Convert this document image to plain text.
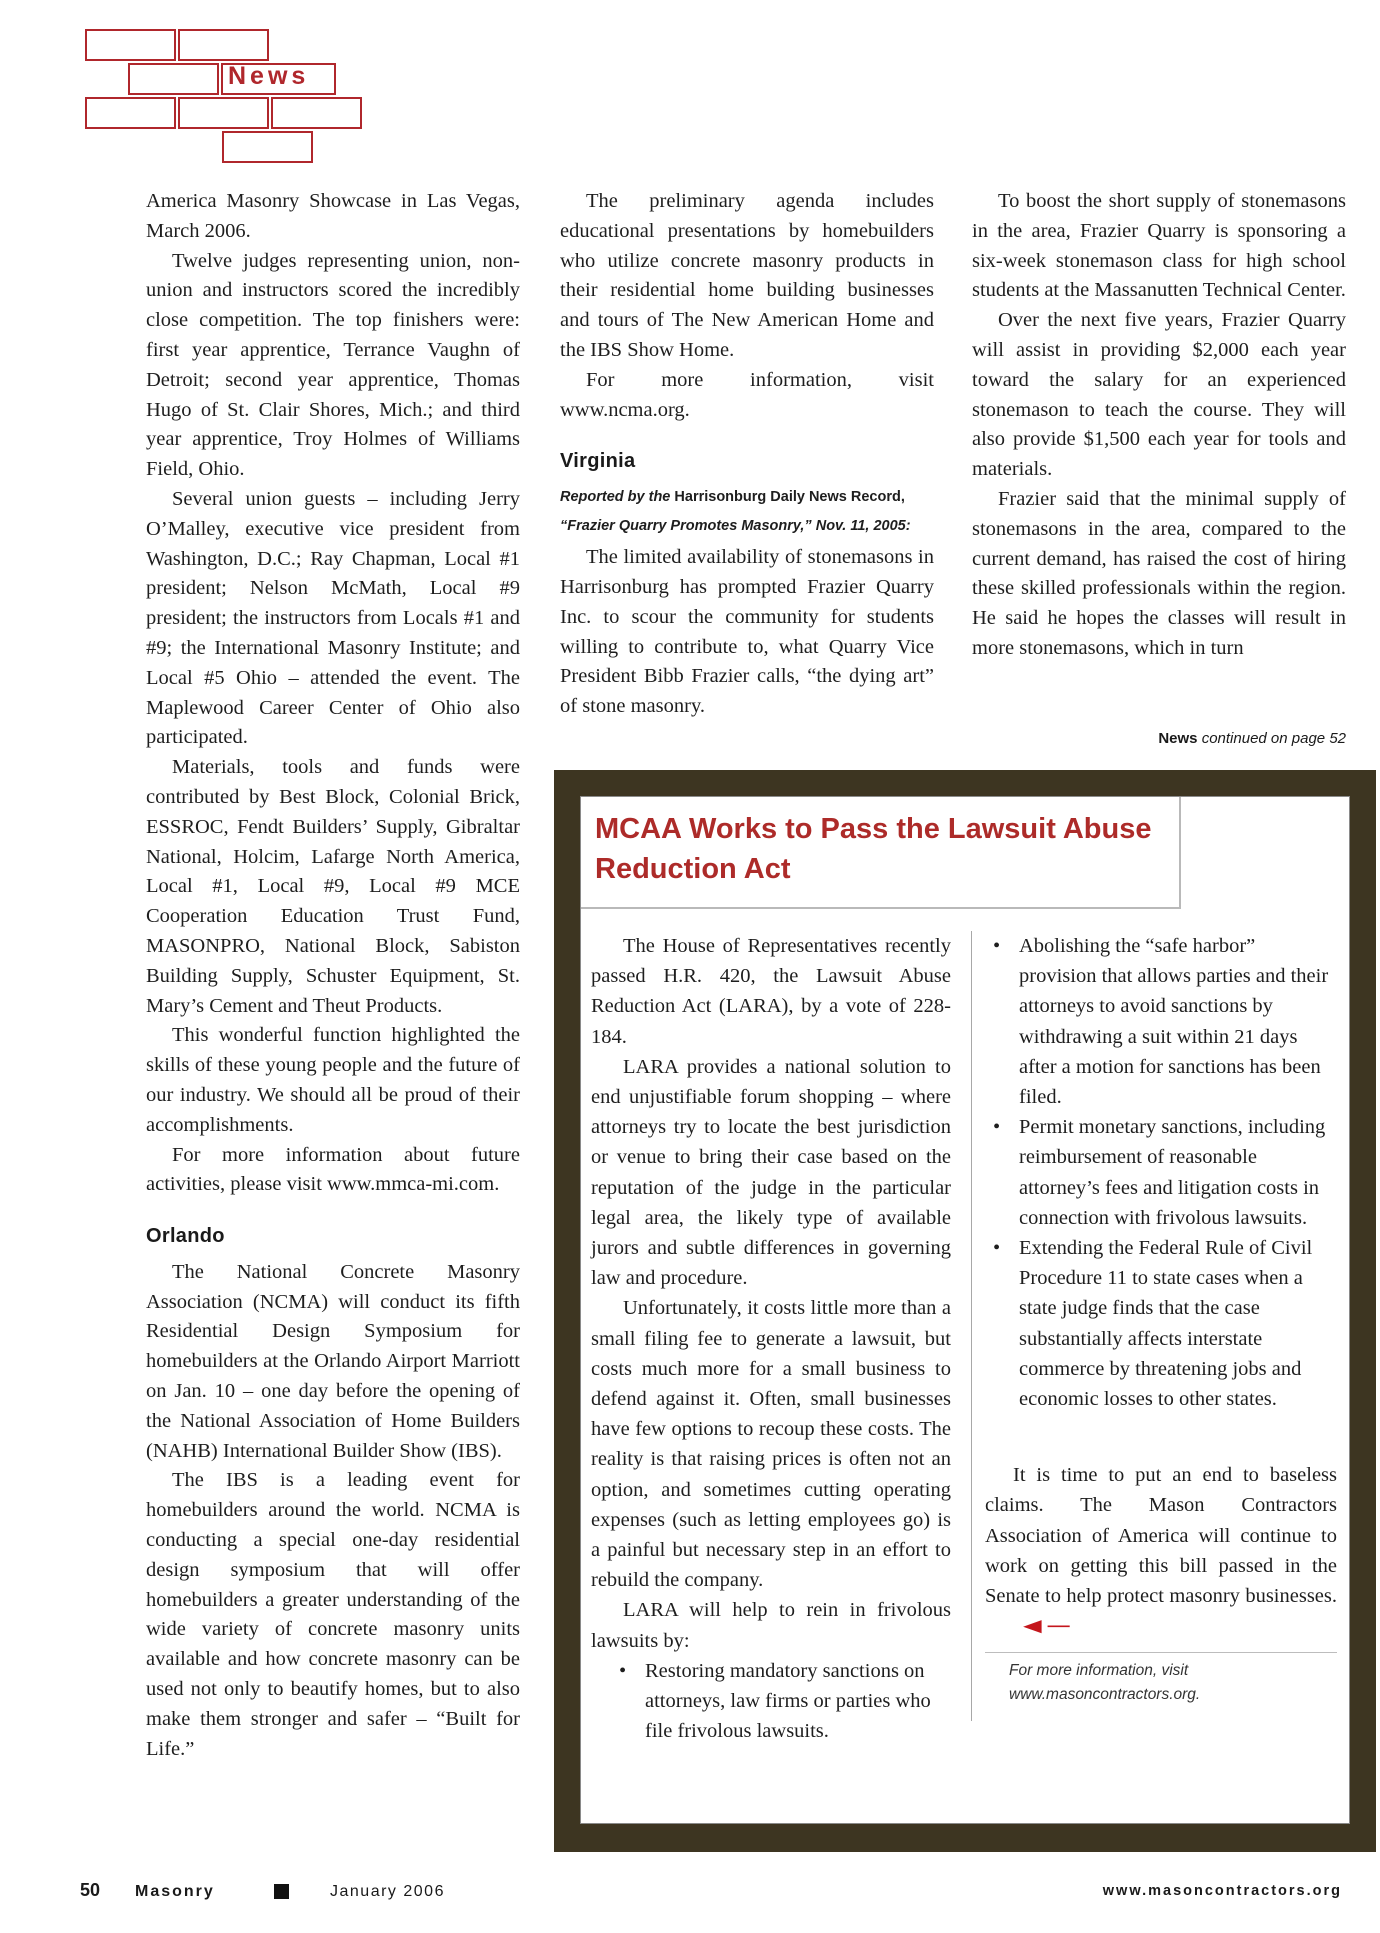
News

America Masonry Showcase in Las Vegas, March 2006.

Twelve judges representing union, non-union and instructors scored the incredibly close competition. The top finishers were: first year apprentice, Terrance Vaughn of Detroit; second year apprentice, Thomas Hugo of St. Clair Shores, Mich.; and third year apprentice, Troy Holmes of Williams Field, Ohio.

Several union guests – including Jerry O’Malley, executive vice president from Washington, D.C.; Ray Chapman, Local #1 president; Nelson McMath, Local #9 president; the instructors from Locals #1 and #9; the International Masonry Institute; and Local #5 Ohio – attended the event. The Maplewood Career Center of Ohio also participated.

Materials, tools and funds were contributed by Best Block, Colonial Brick, ESSROC, Fendt Builders’ Supply, Gibraltar National, Holcim, Lafarge North America, Local #1, Local #9, Local #9 MCE Cooperation Education Trust Fund, MASONPRO, National Block, Sabiston Building Supply, Schuster Equipment, St. Mary’s Cement and Theut Products.

This wonderful function highlighted the skills of these young people and the future of our industry. We should all be proud of their accomplishments.

For more information about future activities, please visit www.mmca-mi.com.

Orlando

The National Concrete Masonry Association (NCMA) will conduct its fifth Residential Design Symposium for homebuilders at the Orlando Airport Marriott on Jan. 10 – one day before the opening of the National Association of Home Builders (NAHB) International Builder Show (IBS).

The IBS is a leading event for homebuilders around the world. NCMA is conducting a special one-day residential design symposium that will offer homebuilders a greater understanding of the wide variety of concrete masonry units available and how concrete masonry can be used not only to beautify homes, but to also make them stronger and safer – “Built for Life.”

The preliminary agenda includes educational presentations by homebuilders who utilize concrete masonry products in their residential home building businesses and tours of The New American Home and the IBS Show Home.

For more information, visit www.ncma.org.

Virginia
Reported by the Harrisonburg Daily News Record, “Frazier Quarry Promotes Masonry,” Nov. 11, 2005:

The limited availability of stonemasons in Harrisonburg has prompted Frazier Quarry Inc. to scour the community for students willing to contribute to, what Quarry Vice President Bibb Frazier calls, “the dying art” of stone masonry.

To boost the short supply of stonemasons in the area, Frazier Quarry is sponsoring a six-week stonemason class for high school students at the Massanutten Technical Center.

Over the next five years, Frazier Quarry will assist in providing $2,000 each year toward the salary for an experienced stonemason to teach the course. They will also provide $1,500 each year for tools and materials.

Frazier said that the minimal supply of stonemasons in the area, compared to the current demand, has raised the cost of hiring these skilled professionals within the region. He said he hopes the classes will result in more stonemasons, which in turn

News continued on page 52
MCAA Works to Pass the Lawsuit Abuse Reduction Act

The House of Representatives recently passed H.R. 420, the Lawsuit Abuse Reduction Act (LARA), by a vote of 228-184.

LARA provides a national solution to end unjustifiable forum shopping – where attorneys try to locate the best jurisdiction or venue to bring their case based on the reputation of the judge in the particular legal area, the likely type of available jurors and subtle differences in governing law and procedure.

Unfortunately, it costs little more than a small filing fee to generate a lawsuit, but costs much more for a small business to defend against it. Often, small businesses have few options to recoup these costs. The reality is that raising prices is often not an option, and sometimes cutting operating expenses (such as letting employees go) is a painful but necessary step in an effort to rebuild the company.

LARA will help to rein in frivolous lawsuits by:

• Restoring mandatory sanctions on attorneys, law firms or parties who file frivolous lawsuits.
• Abolishing the “safe harbor” provision that allows parties and their attorneys to avoid sanctions by withdrawing a suit within 21 days after a motion for sanctions has been filed.
• Permit monetary sanctions, including reimbursement of reasonable attorney’s fees and litigation costs in connection with frivolous lawsuits.
• Extending the Federal Rule of Civil Procedure 11 to state cases when a state judge finds that the case substantially affects interstate commerce by threatening jobs and economic losses to other states.

It is time to put an end to baseless claims. The Mason Contractors Association of America will continue to work on getting this bill passed in the Senate to help protect masonry businesses.◄─

For more information, visit www.masoncontractors.org.
50 Masonry	January 2006	www.masoncontractors.org
